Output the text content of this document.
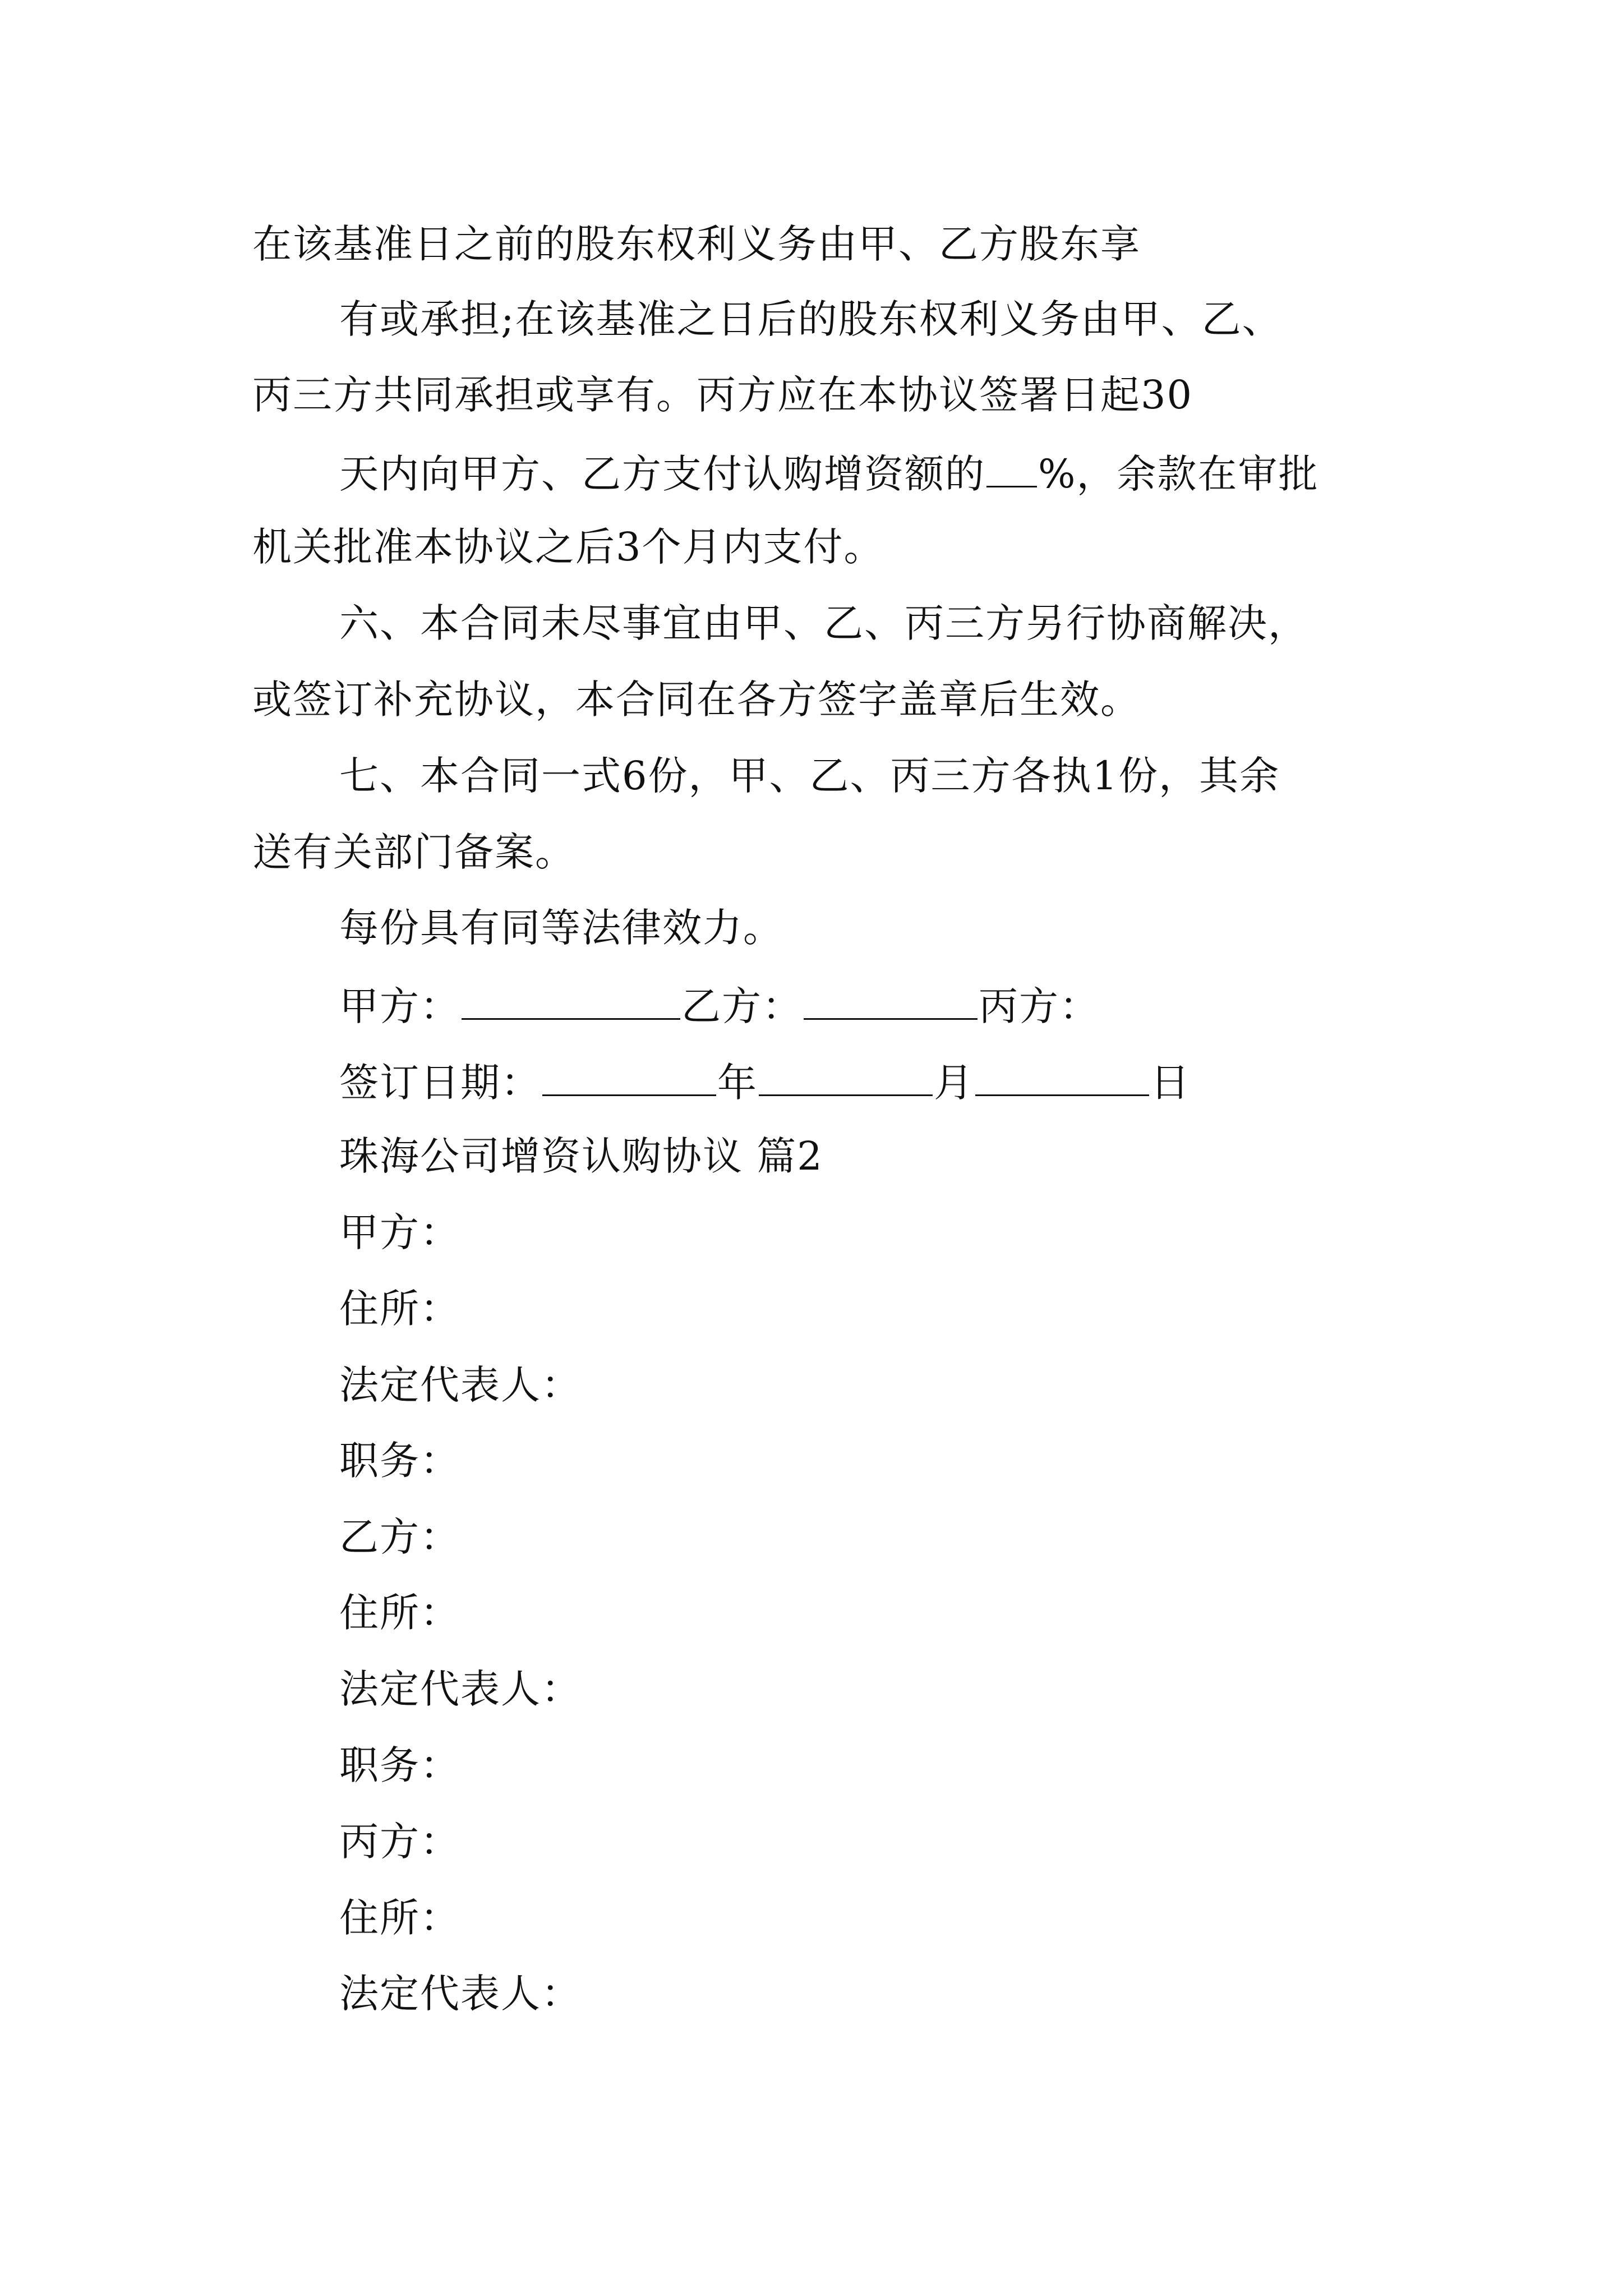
在该基准日之前的股东权利义务由甲、乙方股东享
有或承担;在该基准之日后的股东权利义务由甲、乙、
丙三方共同承担或享有。丙方应在本协议签署日起30
天内向甲方、乙方支付认购增资额的 %，余款在审批
机关批准本协议之后3个月内支付。
六、本合同未尽事宜由甲、乙、丙三方另行协商解决，
或签订补充协议，本合同在各方签字盖章后生效。
七、本合同一式6份，甲、乙、丙三方各执1份，其余
送有关部门备案。
每份具有同等法律效力。
甲方：	乙方：	丙方：
签订日期：	年	月	日
珠海公司增资认购协议 篇2
甲方：
住所：
法定代表人：
职务：
乙方：
住所：
法定代表人：
职务：
丙方：
住所：
法定代表人：
